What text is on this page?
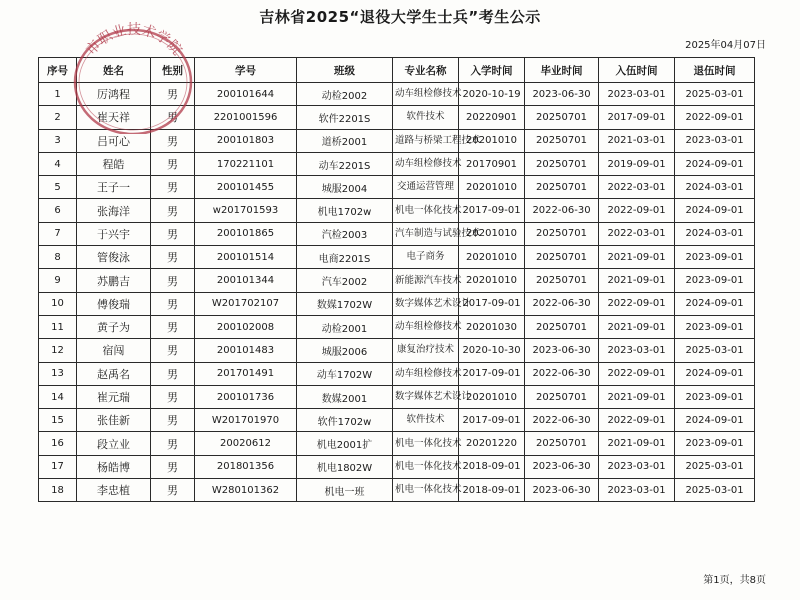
吉林省2025“退役大学生士兵”考生公示
2025年04月07日
序号	姓名	性别	学号	班级	专业名称	入学时间	毕业时间	入伍时间	退伍时间
1	厉鸿程	男	200101644	动检2002	动车组检修技术	2020-10-19	2023-06-30	2023-03-01	2025-03-01
2	崔天祥	男	2201001596	软件2201S	软件技术	20220901	20250701	2017-09-01	2022-09-01
3	吕可心	男	200101803	道桥2001	道路与桥梁工程技术	20201010	20250701	2021-03-01	2023-03-01
4	程皓	男	170221101	动车2201S	动车组检修技术	20170901	20250701	2019-09-01	2024-09-01
5	王子一	男	200101455	城服2004	交通运营管理	20201010	20250701	2022-03-01	2024-03-01
6	张海洋	男	w201701593	机电1702w	机电一体化技术	2017-09-01	2022-06-30	2022-09-01	2024-09-01
7	于兴宇	男	200101865	汽检2003	汽车制造与试验技术	20201010	20250701	2022-03-01	2024-03-01
8	管俊泳	男	200101514	电商2201S	电子商务	20201010	20250701	2021-09-01	2023-09-01
9	苏鹏吉	男	200101344	汽车2002	新能源汽车技术	20201010	20250701	2021-09-01	2023-09-01
10	傅俊瑞	男	W201702107	数媒1702W	数字媒体艺术设计	2017-09-01	2022-06-30	2022-09-01	2024-09-01
11	黄子为	男	200102008	动检2001	动车组检修技术	20201030	20250701	2021-09-01	2023-09-01
12	宿闯	男	200101483	城服2006	康复治疗技术	2020-10-30	2023-06-30	2023-03-01	2025-03-01
13	赵禹名	男	201701491	动车1702W	动车组检修技术	2017-09-01	2022-06-30	2022-09-01	2024-09-01
14	崔元瑞	男	200101736	数媒2001	数字媒体艺术设计	20201010	20250701	2021-09-01	2023-09-01
15	张佳新	男	W201701970	软件1702w	软件技术	2017-09-01	2022-06-30	2022-09-01	2024-09-01
16	段立业	男	20020612	机电2001扩	机电一体化技术	20201220	20250701	2021-09-01	2023-09-01
17	杨皓博	男	201801356	机电1802W	机电一体化技术	2018-09-01	2023-06-30	2023-03-01	2025-03-01
18	李忠植	男	W280101362	机电一班	机电一体化技术	2018-09-01	2023-06-30	2023-03-01	2025-03-01
市职业技术学院
第1页，共8页
